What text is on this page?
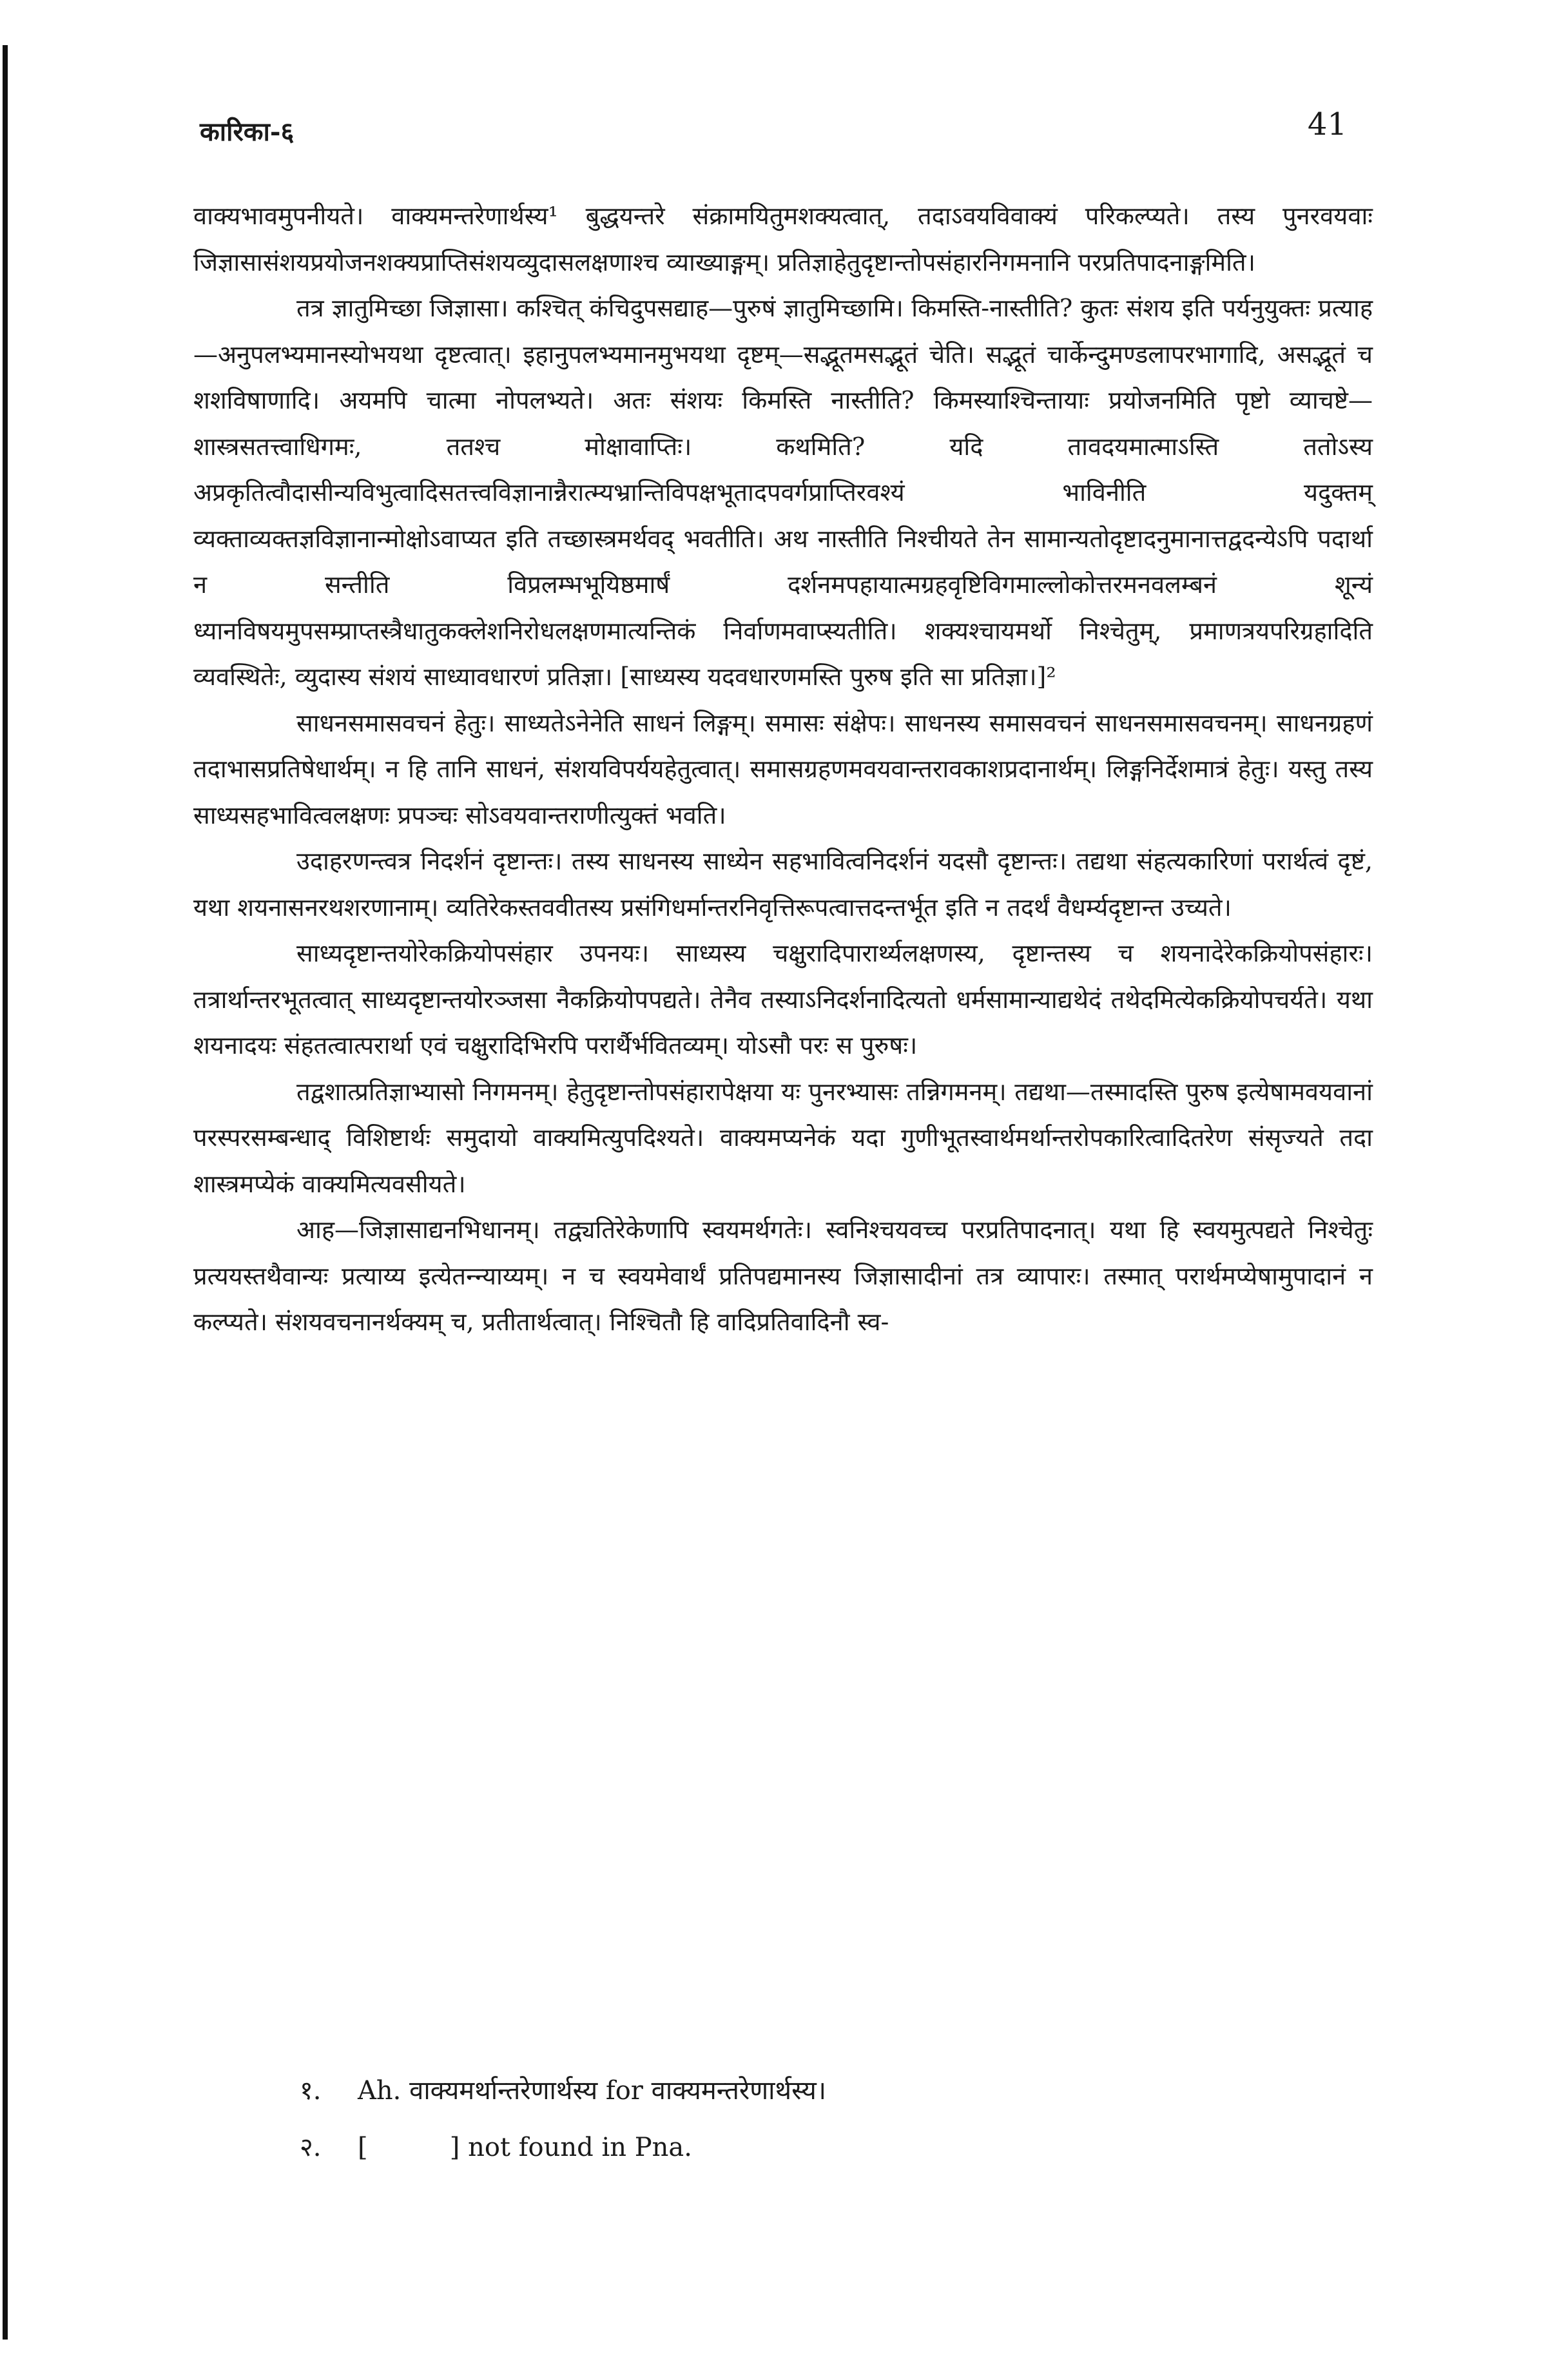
कारिका-६	41

वाक्यभावमुपनीयते। वाक्यमन्तरेणार्थस्य¹ बुद्धयन्तरे संक्रामयितुमशक्यत्वात्, तदाऽवयविवाक्यं परिकल्प्यते। तस्य पुनरवयवाः जिज्ञासासंशयप्रयोजनशक्यप्राप्तिसंशयव्युदासलक्षणाश्च व्याख्याङ्गम्। प्रतिज्ञाहेतुदृष्टान्तोपसंहारनिगमनानि परप्रतिपादनाङ्गमिति।

तत्र ज्ञातुमिच्छा जिज्ञासा। कश्चित् कंचिदुपसद्याह—पुरुषं ज्ञातुमिच्छामि। किमस्ति-नास्तीति? कुतः संशय इति पर्यनुयुक्तः प्रत्याह—अनुपलभ्यमानस्योभयथा दृष्टत्वात्। इहानुपलभ्यमानमुभयथा दृष्टम्—सद्भूतमसद्भूतं चेति। सद्भूतं चार्केन्दुमण्डलापरभागादि, असद्भूतं च शशविषाणादि। अयमपि चात्मा नोपलभ्यते। अतः संशयः किमस्ति नास्तीति? किमस्याश्चिन्तायाः प्रयोजनमिति पृष्टो व्याचष्टे—शास्त्रसतत्त्वाधिगमः, ततश्च मोक्षावाप्तिः। कथमिति? यदि तावदयमात्माऽस्ति ततोऽस्य अप्रकृतित्वौदासीन्यविभुत्वादिसतत्त्वविज्ञानान्नैरात्म्यभ्रान्तिविपक्षभूतादपवर्गप्राप्तिरवश्यं भाविनीति यदुक्तम् व्यक्ताव्यक्तज्ञविज्ञानान्मोक्षोऽवाप्यत इति तच्छास्त्रमर्थवद् भवतीति। अथ नास्तीति निश्चीयते तेन सामान्यतोदृष्टादनुमानात्तद्वदन्येऽपि पदार्था न सन्तीति विप्रलम्भभूयिष्ठमार्षं दर्शनमपहायात्मग्रहवृष्टिविगमाल्लोकोत्तरमनवलम्बनं शून्यं ध्यानविषयमुपसम्प्राप्तस्त्रैधातुकक्लेशनिरोधलक्षणमात्यन्तिकं निर्वाणमवाप्स्यतीति। शक्यश्चायमर्थो निश्चेतुम्, प्रमाणत्रयपरिग्रहादिति व्यवस्थितेः, व्युदास्य संशयं साध्यावधारणं प्रतिज्ञा। [साध्यस्य यदवधारणमस्ति पुरुष इति सा प्रतिज्ञा।]²

साधनसमासवचनं हेतुः। साध्यतेऽनेनेति साधनं लिङ्गम्। समासः संक्षेपः। साधनस्य समासवचनं साधनसमासवचनम्। साधनग्रहणं तदाभासप्रतिषेधार्थम्। न हि तानि साधनं, संशयविपर्ययहेतुत्वात्। समासग्रहणमवयवान्तरावकाशप्रदानार्थम्। लिङ्गनिर्देशमात्रं हेतुः। यस्तु तस्य साध्यसहभावित्वलक्षणः प्रपञ्चः सोऽवयवान्तराणीत्युक्तं भवति।

उदाहरणन्त्वत्र निदर्शनं दृष्टान्तः। तस्य साधनस्य साध्येन सहभावित्वनिदर्शनं यदसौ दृष्टान्तः। तद्यथा संहत्यकारिणां परार्थत्वं दृष्टं, यथा शयनासनरथशरणानाम्। व्यतिरेकस्तववीतस्य प्रसंगिधर्मान्तरनिवृत्तिरूपत्वात्तदन्तर्भूत इति न तदर्थं वैधर्म्यदृष्टान्त उच्यते।

साध्यदृष्टान्तयोरेकक्रियोपसंहार उपनयः। साध्यस्य चक्षुरादिपारार्थ्यलक्षणस्य, दृष्टान्तस्य च शयनादेरेकक्रियोपसंहारः। तत्रार्थान्तरभूतत्वात् साध्यदृष्टान्तयोरञ्जसा नैकक्रियोपपद्यते। तेनैव तस्याऽनिदर्शनादित्यतो धर्मसामान्याद्यथेदं तथेदमित्येकक्रियोपचर्यते। यथा शयनादयः संहतत्वात्परार्था एवं चक्षुरादिभिरपि परार्थैर्भवितव्यम्। योऽसौ परः स पुरुषः।

तद्वशात्प्रतिज्ञाभ्यासो निगमनम्। हेतुदृष्टान्तोपसंहारापेक्षया यः पुनरभ्यासः तन्निगमनम्। तद्यथा—तस्मादस्ति पुरुष इत्येषामवयवानां परस्परसम्बन्धाद् विशिष्टार्थः समुदायो वाक्यमित्युपदिश्यते। वाक्यमप्यनेकं यदा गुणीभूतस्वार्थमर्थान्तरोपकारित्वादितरेण संसृज्यते तदा शास्त्रमप्येकं वाक्यमित्यवसीयते।

आह—जिज्ञासाद्यनभिधानम्। तद्व्यतिरेकेणापि स्वयमर्थगतेः। स्वनिश्चयवच्च परप्रतिपादनात्। यथा हि स्वयमुत्पद्यते निश्चेतुः प्रत्ययस्तथैवान्यः प्रत्याय्य इत्येतन्न्याय्यम्। न च स्वयमेवार्थं प्रतिपद्यमानस्य जिज्ञासादीनां तत्र व्यापारः। तस्मात् परार्थमप्येषामुपादानं न कल्प्यते। संशयवचनानर्थक्यम् च, प्रतीतार्थत्वात्। निश्चितौ हि वादिप्रतिवादिनौ स्व-

१.	Ah. वाक्यमर्थान्तरेणार्थस्य for वाक्यमन्तरेणार्थस्य।
२.	[          ] not found in Pna.
